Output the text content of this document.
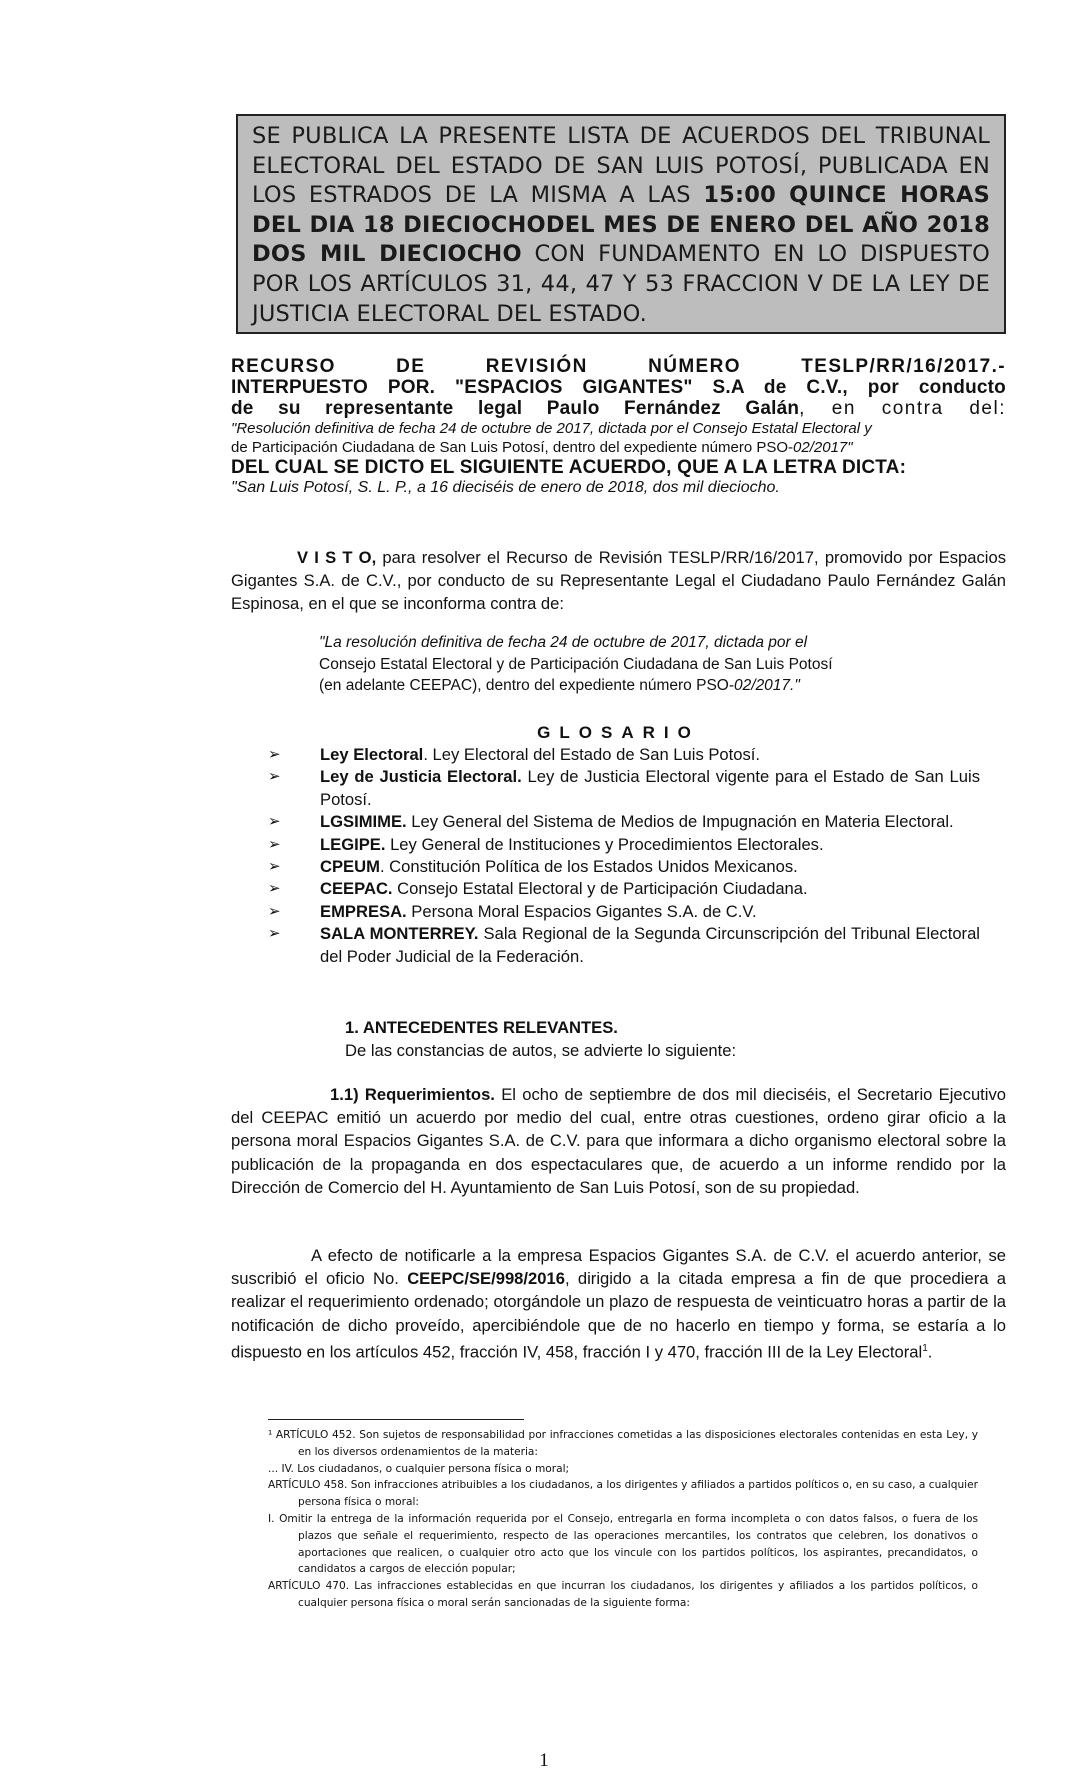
SE PUBLICA LA PRESENTE LISTA DE ACUERDOS DEL TRIBUNAL ELECTORAL DEL ESTADO DE SAN LUIS POTOSÍ, PUBLICADA EN LOS ESTRADOS DE LA MISMA A LAS 15:00 QUINCE HORAS DEL DIA 18 DIECIOCHODEL MES DE ENERO DEL AÑO 2018 DOS MIL DIECIOCHO CON FUNDAMENTO EN LO DISPUESTO POR LOS ARTÍCULOS 31, 44, 47 Y 53 FRACCION V DE LA LEY DE JUSTICIA ELECTORAL DEL ESTADO.
RECURSO DE REVISIÓN NÚMERO TESLP/RR/16/2017.-
INTERPUESTO POR. "ESPACIOS GIGANTES" S.A de C.V., por conducto
de su representante legal Paulo Fernández Galán, en contra del:
"Resolución definitiva de fecha 24 de octubre de 2017, dictada por el Consejo Estatal Electoral y
de Participación Ciudadana de San Luis Potosí, dentro del expediente número PSO-02/2017"
DEL CUAL SE DICTO EL SIGUIENTE ACUERDO, QUE A LA LETRA DICTA:
"San Luis Potosí, S. L. P., a 16 dieciséis de enero de 2018, dos mil dieciocho.
V I S T O, para resolver el Recurso de Revisión TESLP/RR/16/2017, promovido por Espacios Gigantes S.A. de C.V., por conducto de su Representante Legal el Ciudadano Paulo Fernández Galán Espinosa, en el que se inconforma contra de:
"La resolución definitiva de fecha 24 de octubre de 2017, dictada por el
Consejo Estatal Electoral y de Participación Ciudadana de San Luis Potosí
(en adelante CEEPAC), dentro del expediente número PSO-02/2017."
GLOSARIO
➢ Ley Electoral. Ley Electoral del Estado de San Luis Potosí.
➢ Ley de Justicia Electoral. Ley de Justicia Electoral vigente para el Estado de San Luis Potosí.
➢ LGSIMIME. Ley General del Sistema de Medios de Impugnación en Materia Electoral.
➢ LEGIPE. Ley General de Instituciones y Procedimientos Electorales.
➢ CPEUM. Constitución Política de los Estados Unidos Mexicanos.
➢ CEEPAC. Consejo Estatal Electoral y de Participación Ciudadana.
➢ EMPRESA. Persona Moral Espacios Gigantes S.A. de C.V.
➢ SALA MONTERREY. Sala Regional de la Segunda Circunscripción del Tribunal Electoral del Poder Judicial de la Federación.
1. ANTECEDENTES RELEVANTES.
De las constancias de autos, se advierte lo siguiente:
1.1) Requerimientos. El ocho de septiembre de dos mil dieciséis, el Secretario Ejecutivo del CEEPAC emitió un acuerdo por medio del cual, entre otras cuestiones, ordeno girar oficio a la persona moral Espacios Gigantes S.A. de C.V. para que informara a dicho organismo electoral sobre la publicación de la propaganda en dos espectaculares que, de acuerdo a un informe rendido por la Dirección de Comercio del H. Ayuntamiento de San Luis Potosí, son de su propiedad.
A efecto de notificarle a la empresa Espacios Gigantes S.A. de C.V. el acuerdo anterior, se suscribió el oficio No. CEEPC/SE/998/2016, dirigido a la citada empresa a fin de que procediera a realizar el requerimiento ordenado; otorgándole un plazo de respuesta de veinticuatro horas a partir de la notificación de dicho proveído, apercibiéndole que de no hacerlo en tiempo y forma, se estaría a lo dispuesto en los artículos 452, fracción IV, 458, fracción I y 470, fracción III de la Ley Electoral$^1$.

¹ ARTÍCULO 452. Son sujetos de responsabilidad por infracciones cometidas a las disposiciones electorales contenidas en esta Ley, y en los diversos ordenamientos de la materia:

... IV. Los ciudadanos, o cualquier persona física o moral;

ARTÍCULO 458. Son infracciones atribuibles a los ciudadanos, a los dirigentes y afiliados a partidos políticos o, en su caso, a cualquier persona física o moral:

I. Omitir la entrega de la información requerida por el Consejo, entregarla en forma incompleta o con datos falsos, o fuera de los plazos que señale el requerimiento, respecto de las operaciones mercantiles, los contratos que celebren, los donativos o aportaciones que realicen, o cualquier otro acto que los vincule con los partidos políticos, los aspirantes, precandidatos, o candidatos a cargos de elección popular;

ARTÍCULO 470. Las infracciones establecidas en que incurran los ciudadanos, los dirigentes y afiliados a los partidos políticos, o cualquier persona física o moral serán sancionadas de la siguiente forma:

1
